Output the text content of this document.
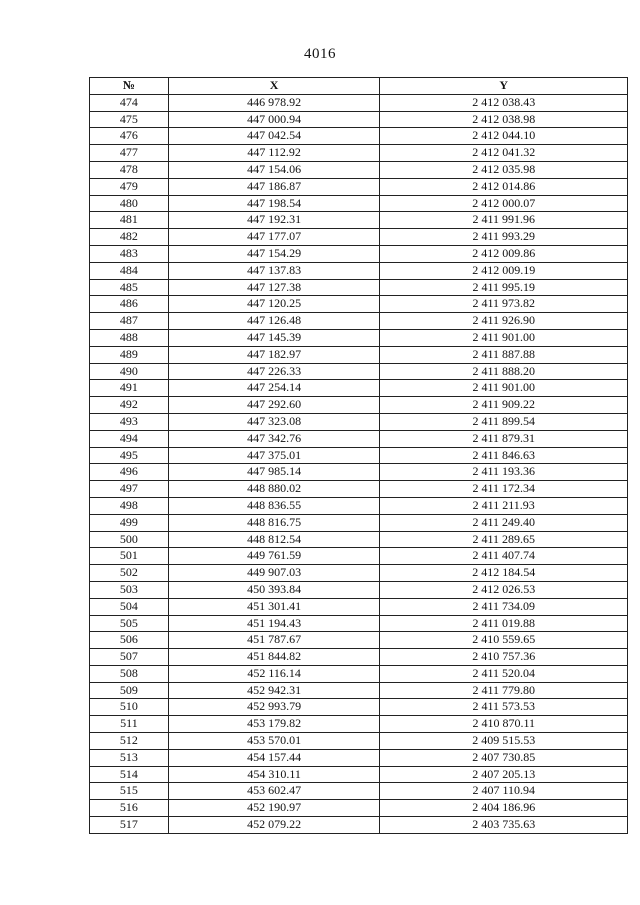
4016
№	X	Y
474	446 978.92	2 412 038.43
475	447 000.94	2 412 038.98
476	447 042.54	2 412 044.10
477	447 112.92	2 412 041.32
478	447 154.06	2 412 035.98
479	447 186.87	2 412 014.86
480	447 198.54	2 412 000.07
481	447 192.31	2 411 991.96
482	447 177.07	2 411 993.29
483	447 154.29	2 412 009.86
484	447 137.83	2 412 009.19
485	447 127.38	2 411 995.19
486	447 120.25	2 411 973.82
487	447 126.48	2 411 926.90
488	447 145.39	2 411 901.00
489	447 182.97	2 411 887.88
490	447 226.33	2 411 888.20
491	447 254.14	2 411 901.00
492	447 292.60	2 411 909.22
493	447 323.08	2 411 899.54
494	447 342.76	2 411 879.31
495	447 375.01	2 411 846.63
496	447 985.14	2 411 193.36
497	448 880.02	2 411 172.34
498	448 836.55	2 411 211.93
499	448 816.75	2 411 249.40
500	448 812.54	2 411 289.65
501	449 761.59	2 411 407.74
502	449 907.03	2 412 184.54
503	450 393.84	2 412 026.53
504	451 301.41	2 411 734.09
505	451 194.43	2 411 019.88
506	451 787.67	2 410 559.65
507	451 844.82	2 410 757.36
508	452 116.14	2 411 520.04
509	452 942.31	2 411 779.80
510	452 993.79	2 411 573.53
511	453 179.82	2 410 870.11
512	453 570.01	2 409 515.53
513	454 157.44	2 407 730.85
514	454 310.11	2 407 205.13
515	453 602.47	2 407 110.94
516	452 190.97	2 404 186.96
517	452 079.22	2 403 735.63
